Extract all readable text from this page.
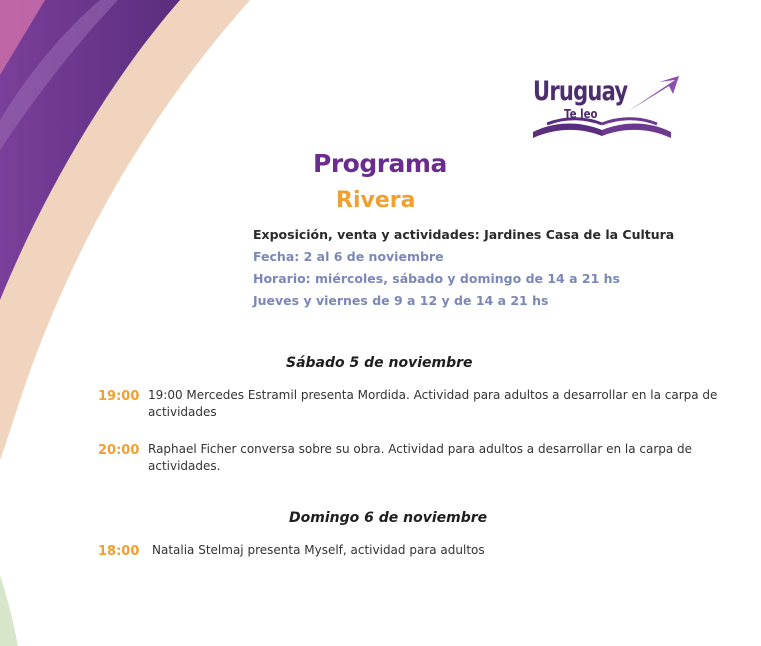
Uruguay
Te leo
Programa
Rivera

Exposición, venta y actividades: Jardines Casa de la Cultura

Fecha: 2 al 6 de noviembre

Horario: miércoles, sábado y domingo de 14 a 21 hs

Jueves y viernes de 9 a 12 y de 14 a 21 hs

Sábado 5 de noviembre

19:00 19:00 Mercedes Estramil presenta Mordida. Actividad para adultos a desarrollar en la carpa de actividades

20:00 Raphael Ficher conversa sobre su obra. Actividad para adultos a desarrollar en la carpa de actividades.

Domingo 6 de noviembre

18:00 Natalia Stelmaj presenta Myself, actividad para adultos
